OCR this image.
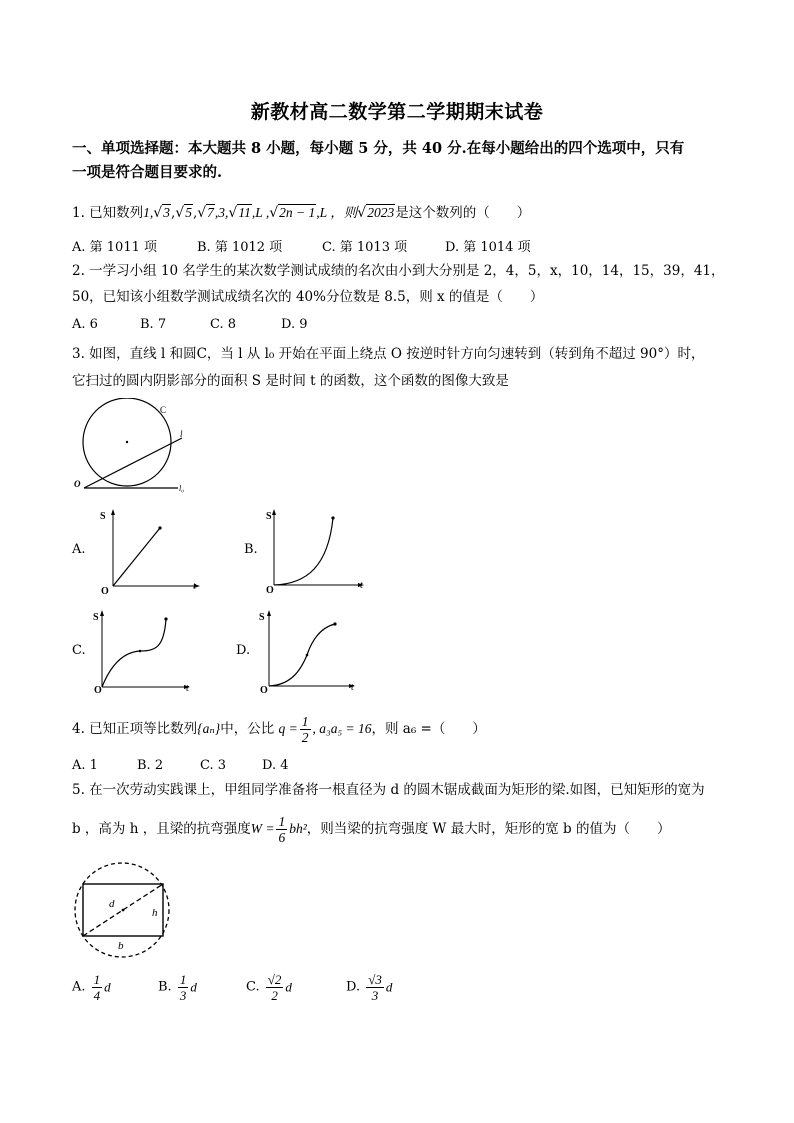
新教材高二数学第二学期期末试卷
一、单项选择题：本大题共 8 小题，每小题 5 分，共 40 分.在每小题给出的四个选项中，只有
一项是符合题目要求的.
1. 已知数列1,√3,√5,√7,3,√11,L ,√2n − 1,L ，则√2023是这个数列的（　　）
A. 第 1011 项	B. 第 1012 项	C. 第 1013 项	D. 第 1014 项
2. 一学习小组 10 名学生的某次数学测试成绩的名次由小到大分别是 2，4，5，x，10，14，15，39，41，
50，已知该小组数学测试成绩名次的 40%分位数是 8.5，则 x 的值是（　　）
A. 6	B. 7	C. 8	D. 9
3. 如图，直线 l 和圆C，当 l 从 l₀ 开始在平面上绕点 O 按逆时针方向匀速转到（转到角不超过 90°）时，
它扫过的圆内阴影部分的面积 S 是时间 t 的函数，这个函数的图像大致是
C
l
O	l₀
A.
S
O	t
B.
S
O	t
C.
S
O	t
D.
S
O	t
4. 已知正项等比数列{aₙ}中，公比 $q = \frac{1}{2}$ , a₃a₅ = 16，则 a₆ =（　　）
A. 1	B. 2	C. 3	D. 4
5. 在一次劳动实践课上，甲组同学准备将一根直径为 d 的圆木锯成截面为矩形的梁.如图，已知矩形的宽为
b ，高为 h ，且梁的抗弯强度$W = \frac{1}{6} bh^2$，则当梁的抗弯强度 W 最大时，矩形的宽 b 的值为（　　）
d
h
b
A. $\frac{1}{4}$ d	B. $\frac{1}{3}$ d	C. $\frac{√2}{2}$ d	D. $\frac{√3}{3}$ d
